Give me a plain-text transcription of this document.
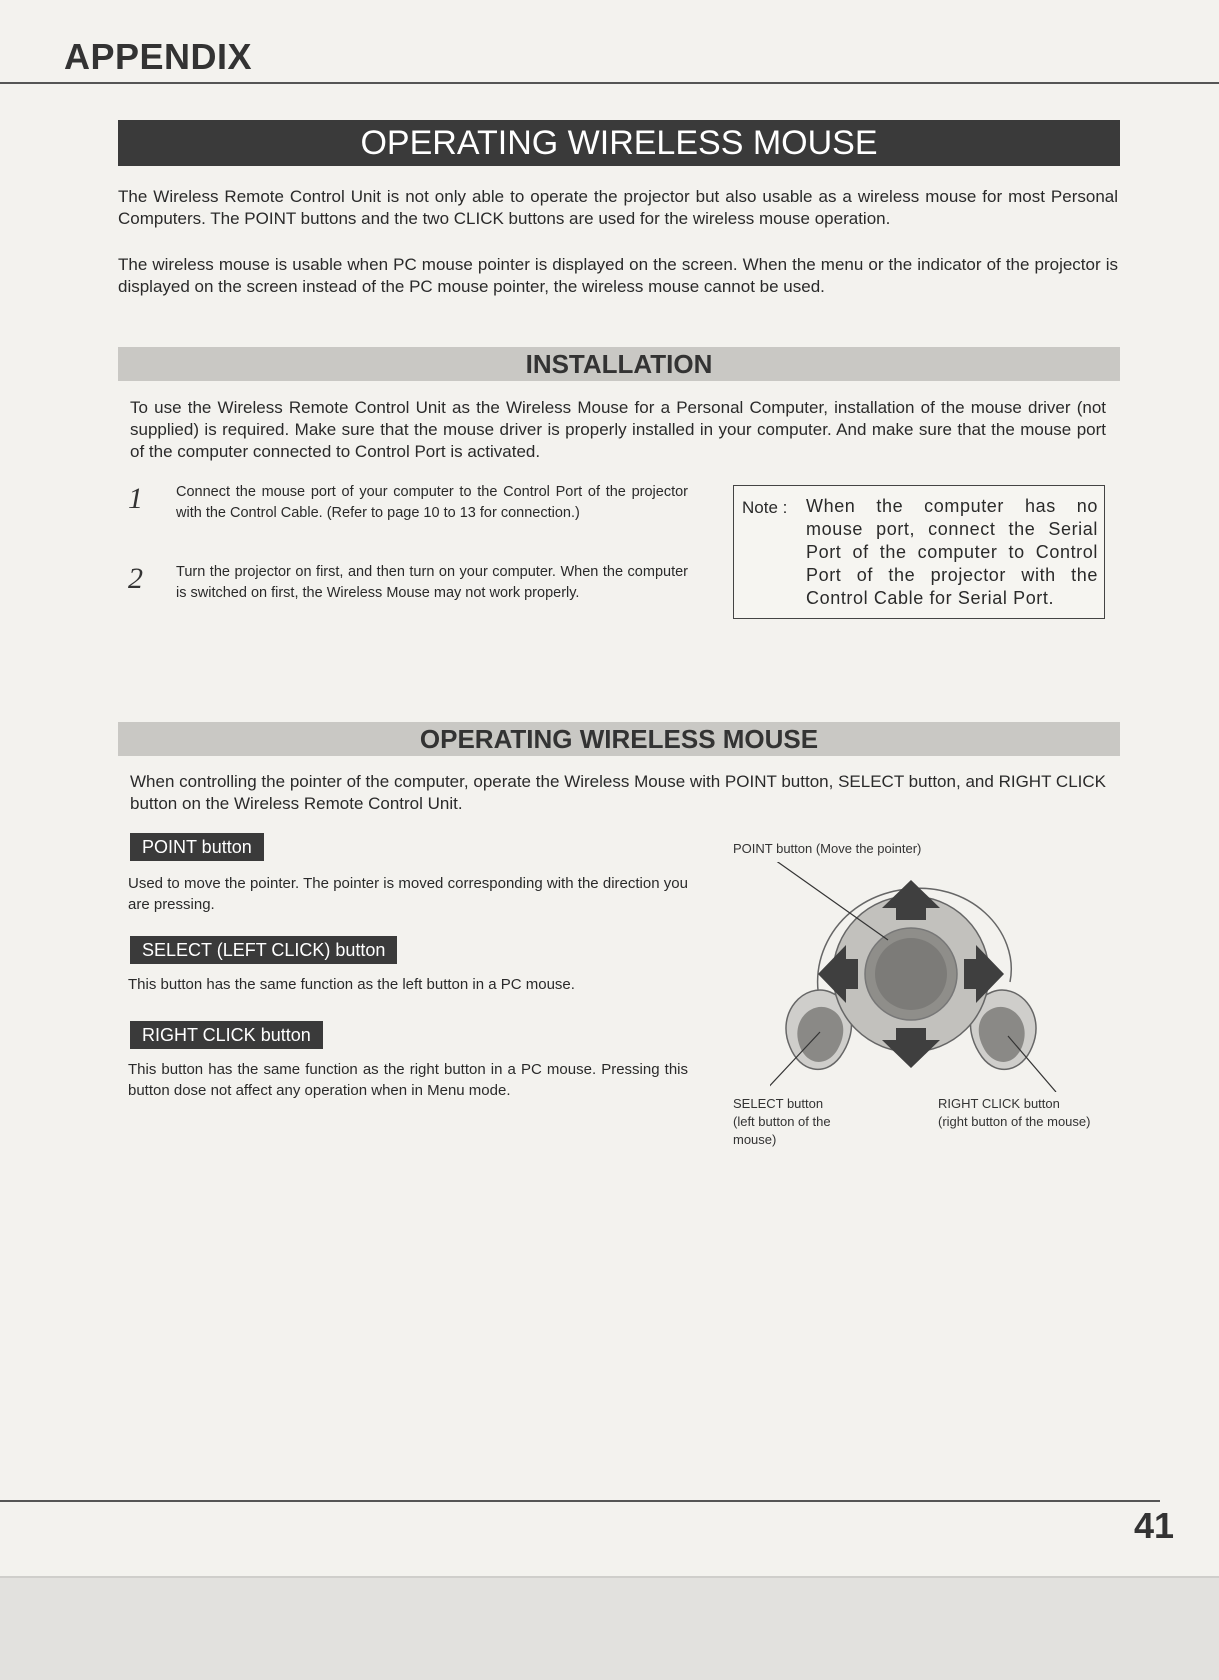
APPENDIX
OPERATING WIRELESS MOUSE

The Wireless Remote Control Unit is not only able to operate the projector but also usable as a wireless mouse for most Personal Computers. The POINT buttons and the two CLICK buttons are used for the wireless mouse operation.

The wireless mouse is usable when PC mouse pointer is displayed on the screen. When the menu or the indicator of the projector is displayed on the screen instead of the PC mouse pointer, the wireless mouse cannot be used.

INSTALLATION

To use the Wireless Remote Control Unit as the Wireless Mouse for a Personal Computer, installation of the mouse driver (not supplied) is required. Make sure that the mouse driver is properly installed in your computer. And make sure that the mouse port of the computer connected to Control Port is activated.

1 Connect the mouse port of your computer to the Control Port of the projector with the Control Cable. (Refer to page 10 to 13 for connection.)

2 Turn the projector on first, and then turn on your computer. When the computer is switched on first, the Wireless Mouse may not work properly.

Note : When the computer has no mouse port, connect the Serial Port of the computer to Control Port of the projector with the Control Cable for Serial Port.

OPERATING WIRELESS MOUSE

When controlling the pointer of the computer, operate the Wireless Mouse with POINT button, SELECT button, and RIGHT CLICK button on the Wireless Remote Control Unit.

POINT button

Used to move the pointer. The pointer is moved corresponding with the direction you are pressing.

SELECT (LEFT CLICK) button

This button has the same function as the left button in a PC mouse.

RIGHT CLICK button

This button has the same function as the right button in a PC mouse. Pressing this button dose not affect any operation when in Menu mode.

POINT button (Move the pointer)
SELECT button
(left button of the
mouse)
RIGHT CLICK button
(right button of the mouse)
41
